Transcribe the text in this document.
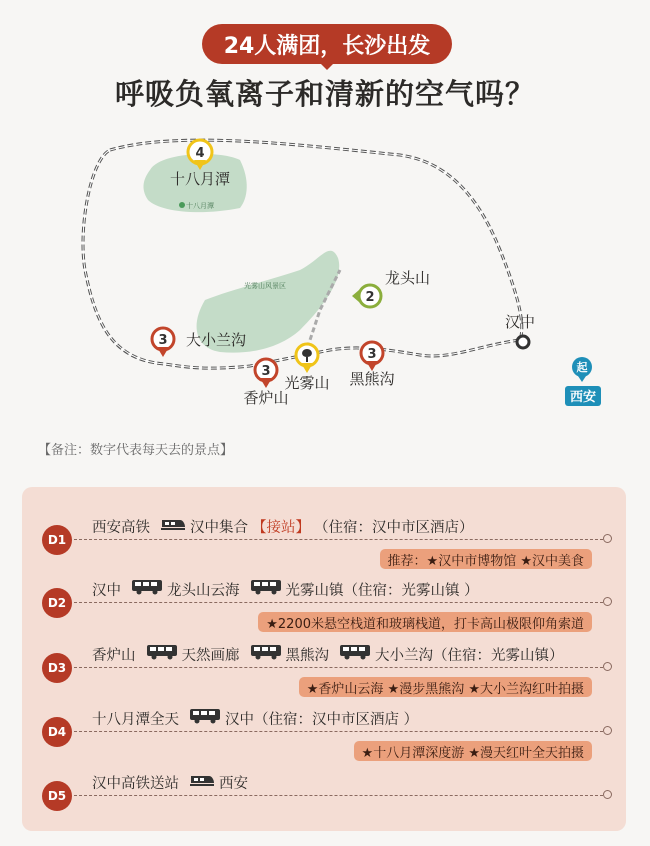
24人满团，长沙出发
呼吸负氧离子和清新的空气吗？
十八月潭
光雾山风景区
4
十八月潭
2
龙头山
3 大小兰沟
3
香炉山
光雾山
3
黑熊沟
汉中
起
西安
【备注：数字代表每天去的景点】
D1
西安高铁	汉中集合 【接站】 （住宿：汉中市区酒店）
推荐：★汉中市博物馆 ★汉中美食
D2
汉中	龙头山云海	光雾山镇（住宿：光雾山镇 ）
★2200米悬空栈道和玻璃栈道，打卡高山极限仰角索道
D3
香炉山	天然画廊	黑熊沟	大小兰沟（住宿：光雾山镇）
★香炉山云海 ★漫步黑熊沟 ★大小兰沟红叶拍摄
D4
十八月潭全天	汉中（住宿：汉中市区酒店 ）
★十八月潭深度游 ★漫天红叶全天拍摄
D5
汉中高铁送站	西安
